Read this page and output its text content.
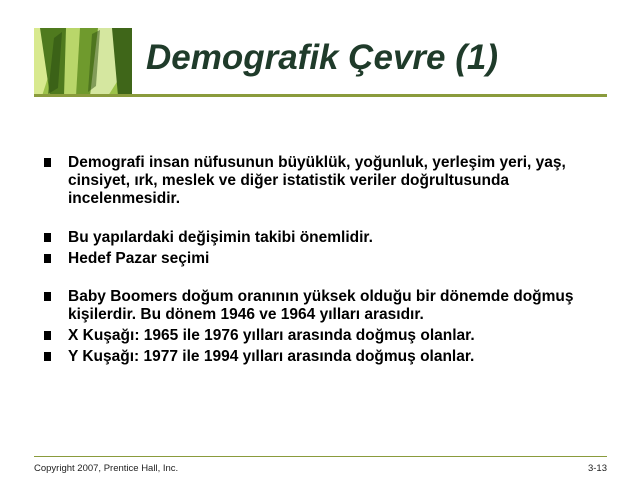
Demografik Çevre (1)
Demografi insan nüfusunun büyüklük, yoğunluk, yerleşim yeri, yaş, cinsiyet, ırk, meslek ve diğer istatistik veriler doğrultusunda incelenmesidir.
Bu yapılardaki değişimin takibi önemlidir.
Hedef Pazar seçimi
Baby Boomers doğum oranının yüksek olduğu bir dönemde doğmuş kişilerdir. Bu dönem 1946 ve 1964 yılları arasıdır.
X Kuşağı: 1965 ile 1976 yılları arasında doğmuş olanlar.
Y Kuşağı: 1977 ile 1994 yılları arasında doğmuş olanlar.
Copyright 2007, Prentice Hall, Inc.	3-13
